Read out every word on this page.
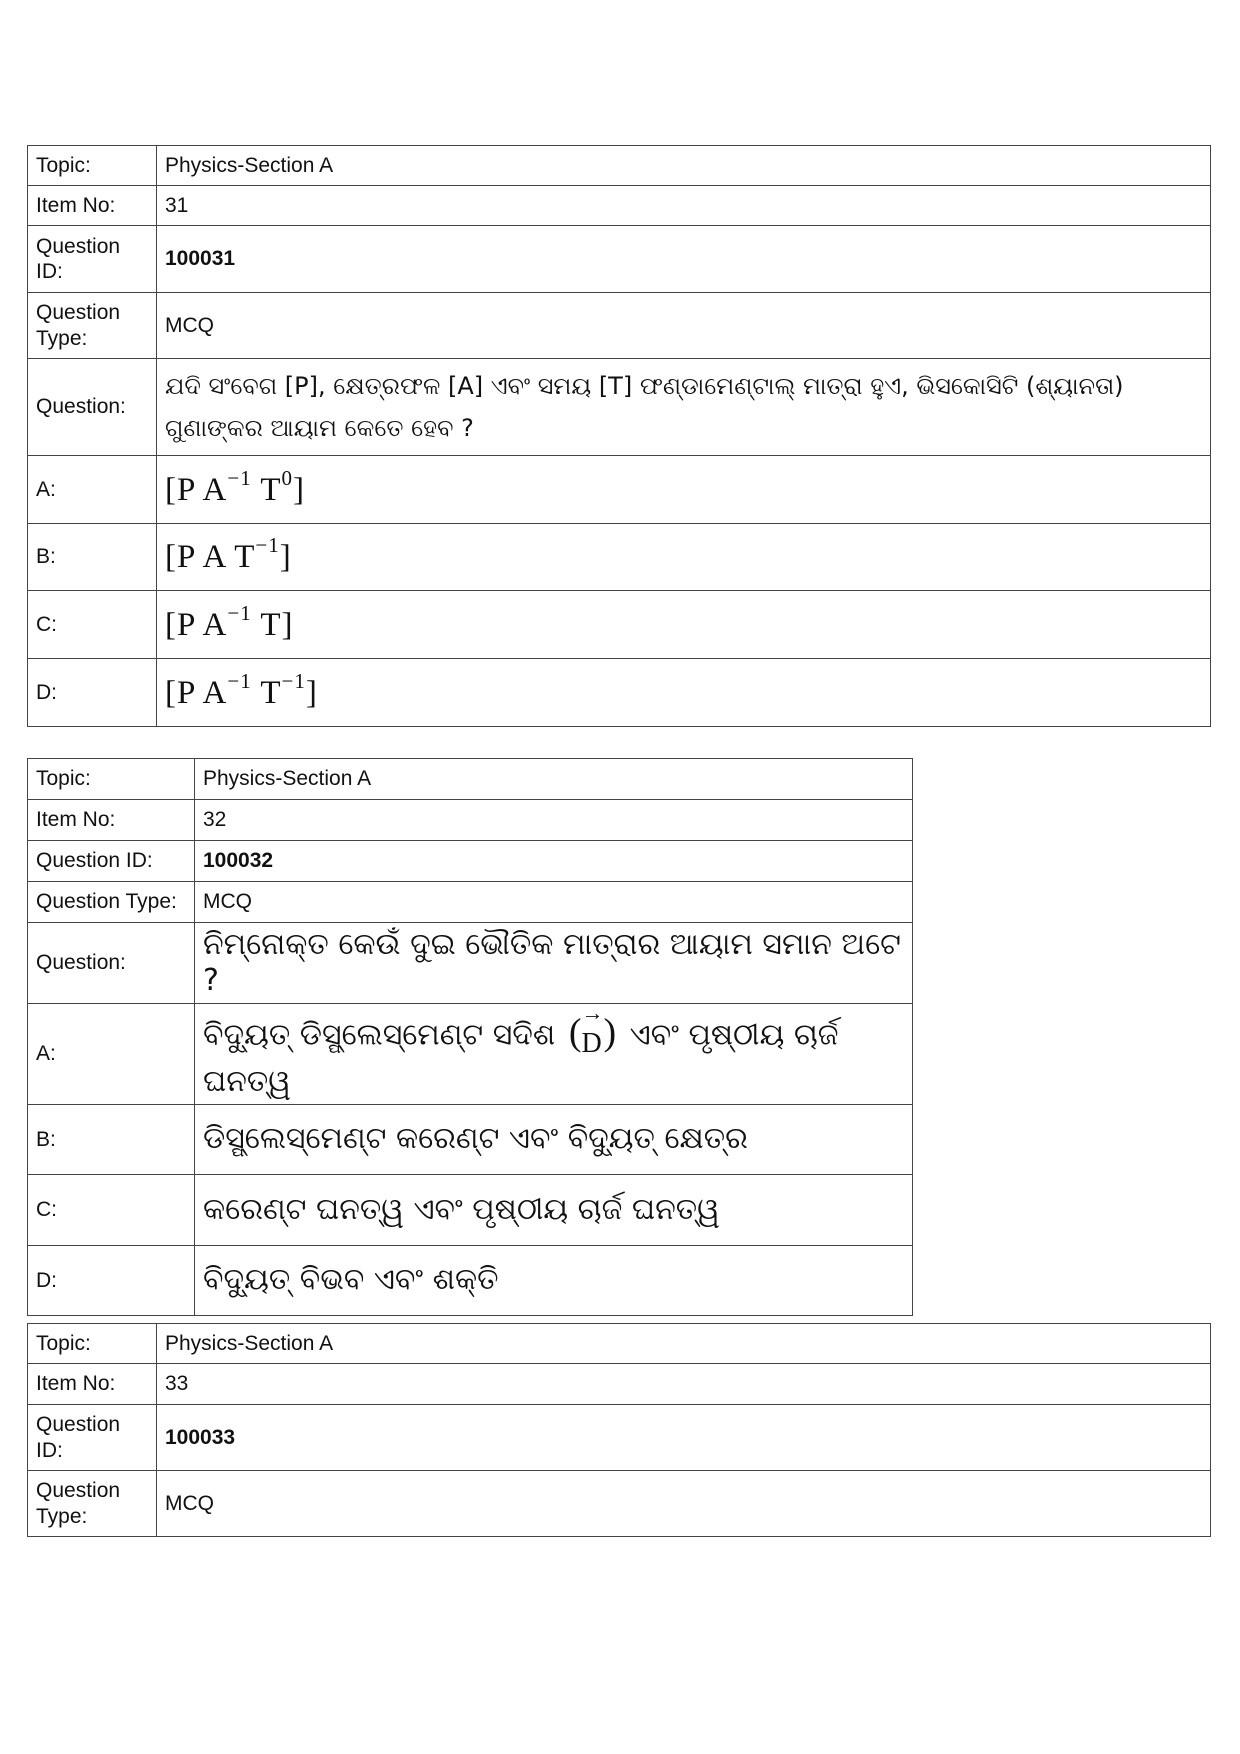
Topic:	Physics-Section A
Item No:	31
Question ID:	100031
Question Type:	MCQ
Question:	ଯଦି ସଂବେଗ [P], କ୍ଷେତ୍ରଫଳ [A] ଏବଂ ସମୟ [T] ଫଣ୍ଡାମେଣ୍ଟାଲ୍ ମାତ୍ରା ହୁଏ, ଭିସକୋସିଟି (ଶ୍ୟାନତା) ଗୁଣାଙ୍କର ଆୟାମ କେତେ ହେବ ?
A:	[P $A^{-1}$ $T^0$]
B:	[P A $T^{-1}$]
C:	[P $A^{-1}$ T]
D:	[P $A^{-1}$ $T^{-1}$]
Topic:	Physics-Section A
Item No:	32
Question ID:	100032
Question Type:	MCQ
Question:	ନିମ୍ନୋକ୍ତ କେଉଁ ଦୁଇ ଭୌତିକ ମାତ୍ରାର ଆୟାମ ସମାନ ଅଟେ ?
A:	ବିଦ୍ୟୁତ୍ ଡିସ୍ପ୍ଲେସ୍ମେଣ୍ଟ ସଦିଶ ( →
D) ଏବଂ ପୃଷ୍ଠୀୟ ଚାର୍ଜ ଘନତ୍ୱ
B:	ଡିସ୍ପ୍ଲେସ୍ମେଣ୍ଟ କରେଣ୍ଟ ଏବଂ ବିଦ୍ୟୁତ୍ କ୍ଷେତ୍ର
C:	କରେଣ୍ଟ ଘନତ୍ୱ ଏବଂ ପୃଷ୍ଠୀୟ ଚାର୍ଜ ଘନତ୍ୱ
D:	ବିଦ୍ୟୁତ୍ ବିଭବ ଏବଂ ଶକ୍ତି
Topic:	Physics-Section A
Item No:	33
Question ID:	100033
Question Type:	MCQ
